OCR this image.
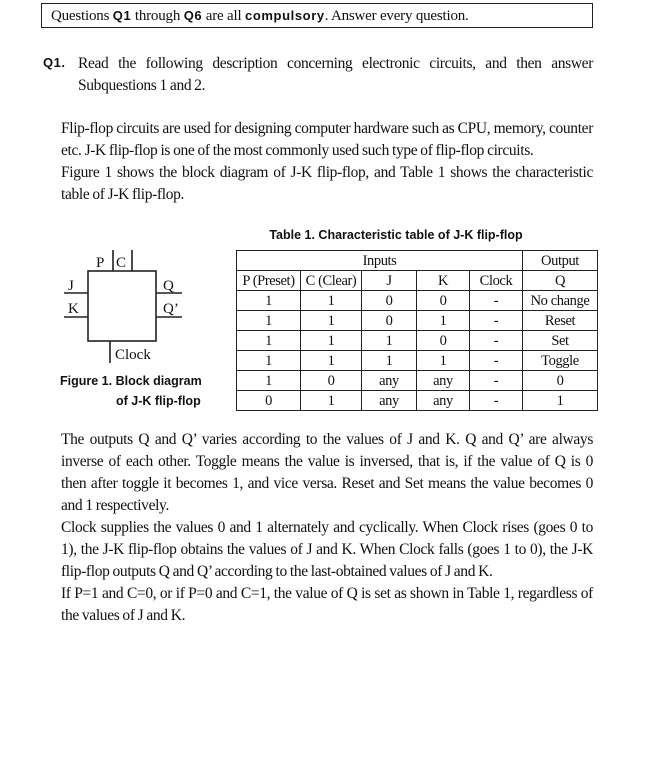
Questions Q1 through Q6 are all compulsory. Answer every question.
Q1. Read the following description concerning electronic circuits, and then answer
Subquestions 1 and 2.
Flip-flop circuits are used for designing computer hardware such as CPU, memory, counter
etc. J-K flip-flop is one of the most commonly used such type of flip-flop circuits.
Figure 1 shows the block diagram of J-K flip-flop, and Table 1 shows the characteristic
table of J-K flip-flop.
P C
J
K
Q
Q’
Clock
Figure 1. Block diagram
of J-K flip-flop
Table 1. Characteristic table of J-K flip-flop
Inputs					Output
P (Preset)	C (Clear)	J	K	Clock	Q
1	1	0	0	-	No change
1	1	0	1	-	Reset
1	1	1	0	-	Set
1	1	1	1	-	Toggle
1	0	any	any	-	0
0	1	any	any	-	1
The outputs Q and Q’ varies according to the values of J and K. Q and Q’ are always
inverse of each other. Toggle means the value is inversed, that is, if the value of Q is 0
then after toggle it becomes 1, and vice versa. Reset and Set means the value becomes 0
and 1 respectively.
Clock supplies the values 0 and 1 alternately and cyclically. When Clock rises (goes 0 to
1), the J-K flip-flop obtains the values of J and K. When Clock falls (goes 1 to 0), the J-K
flip-flop outputs Q and Q’ according to the last-obtained values of J and K.
If P=1 and C=0, or if P=0 and C=1, the value of Q is set as shown in Table 1, regardless of
the values of J and K.
